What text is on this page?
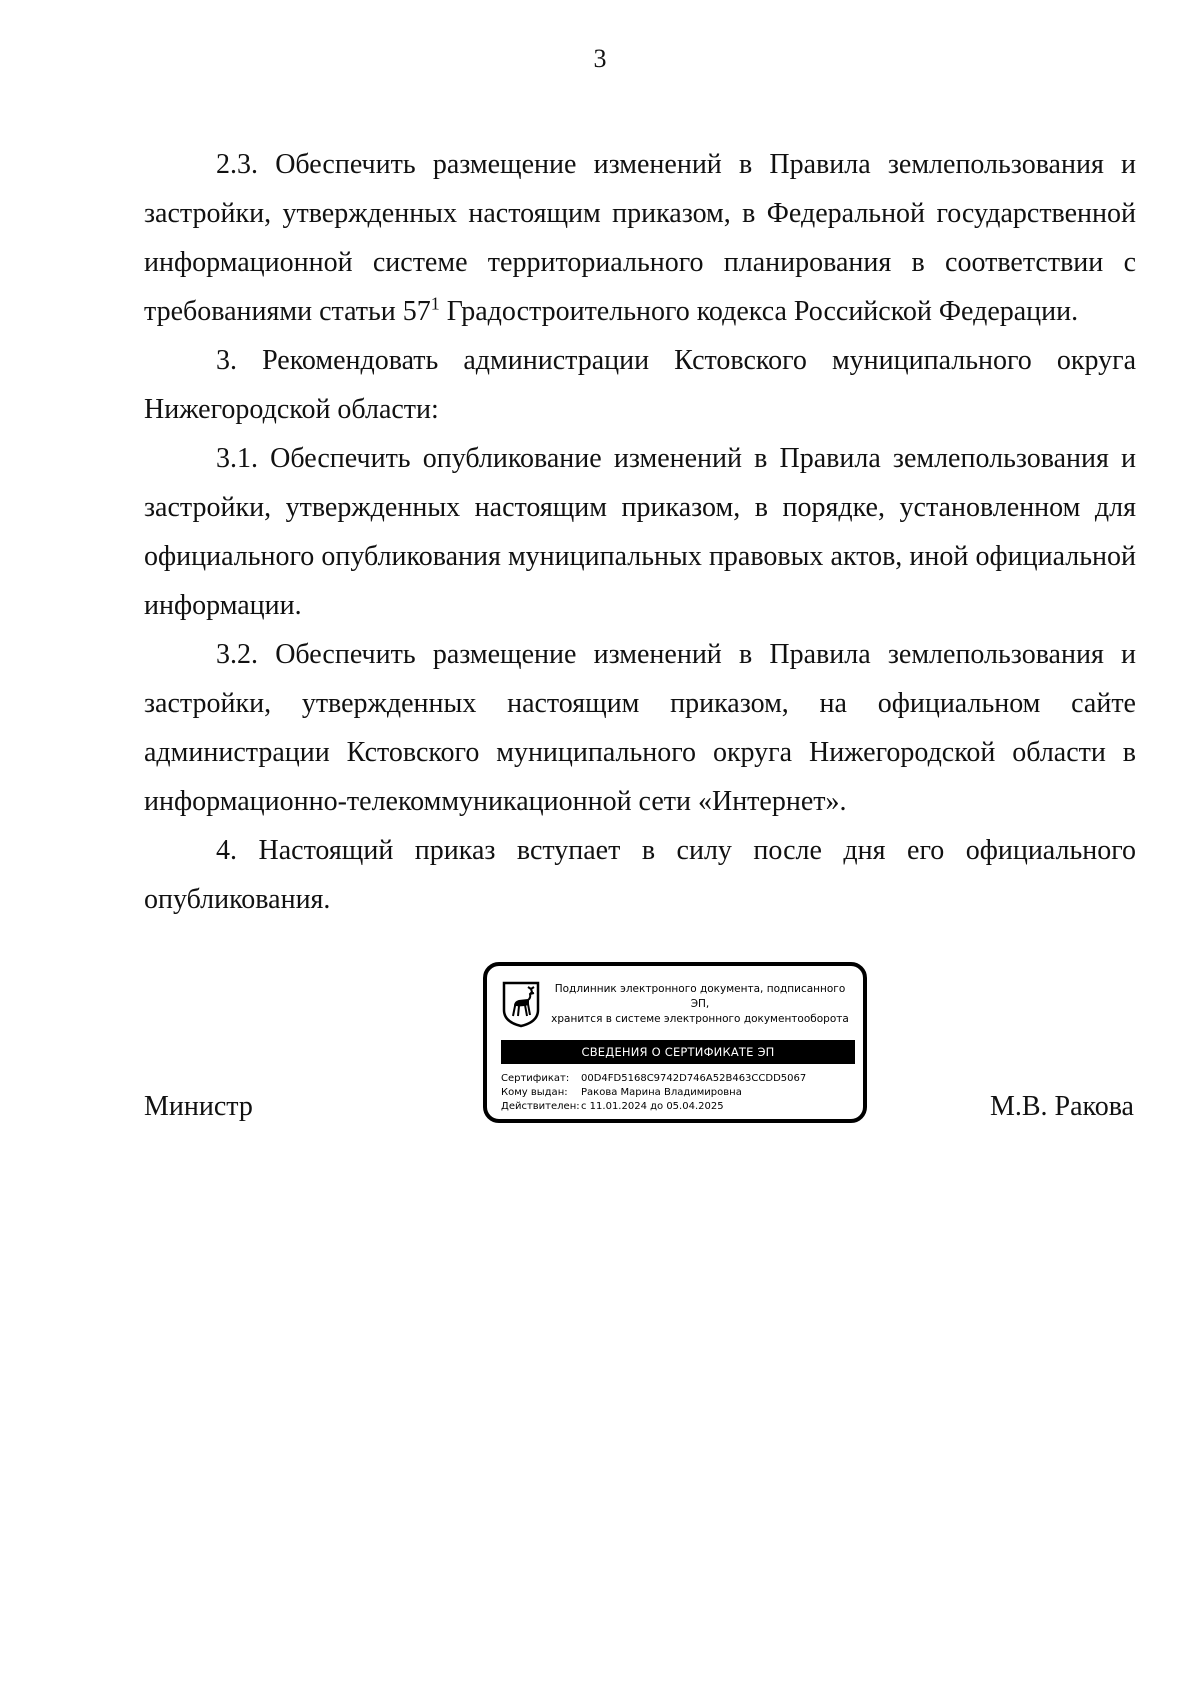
3

2.3. Обеспечить размещение изменений в Правила землепользования и застройки, утвержденных настоящим приказом, в Федеральной государственной информационной системе территориального планирования в соответствии с требованиями статьи $57^1$ Градостроительного кодекса Российской Федерации.

3. Рекомендовать администрации Кстовского муниципального округа Нижегородской области:

3.1. Обеспечить опубликование изменений в Правила землепользования и застройки, утвержденных настоящим приказом, в порядке, установленном для официального опубликования муниципальных правовых актов, иной официальной информации.

3.2. Обеспечить размещение изменений в Правила землепользования и застройки, утвержденных настоящим приказом, на официальном сайте администрации Кстовского муниципального округа Нижегородской области в информационно-телекоммуникационной сети «Интернет».

4. Настоящий приказ вступает в силу после дня его официального опубликования.

Подлинник электронного документа, подписанного ЭП,
хранится в системе электронного документооборота
СВЕДЕНИЯ О СЕРТИФИКАТЕ ЭП
Сертификат: 00D4FD5168C9742D746A52B463CCDD5067
Кому выдан: Ракова Марина Владимировна
Действителен:с 11.01.2024 до 05.04.2025
Министр	М.В. Ракова
